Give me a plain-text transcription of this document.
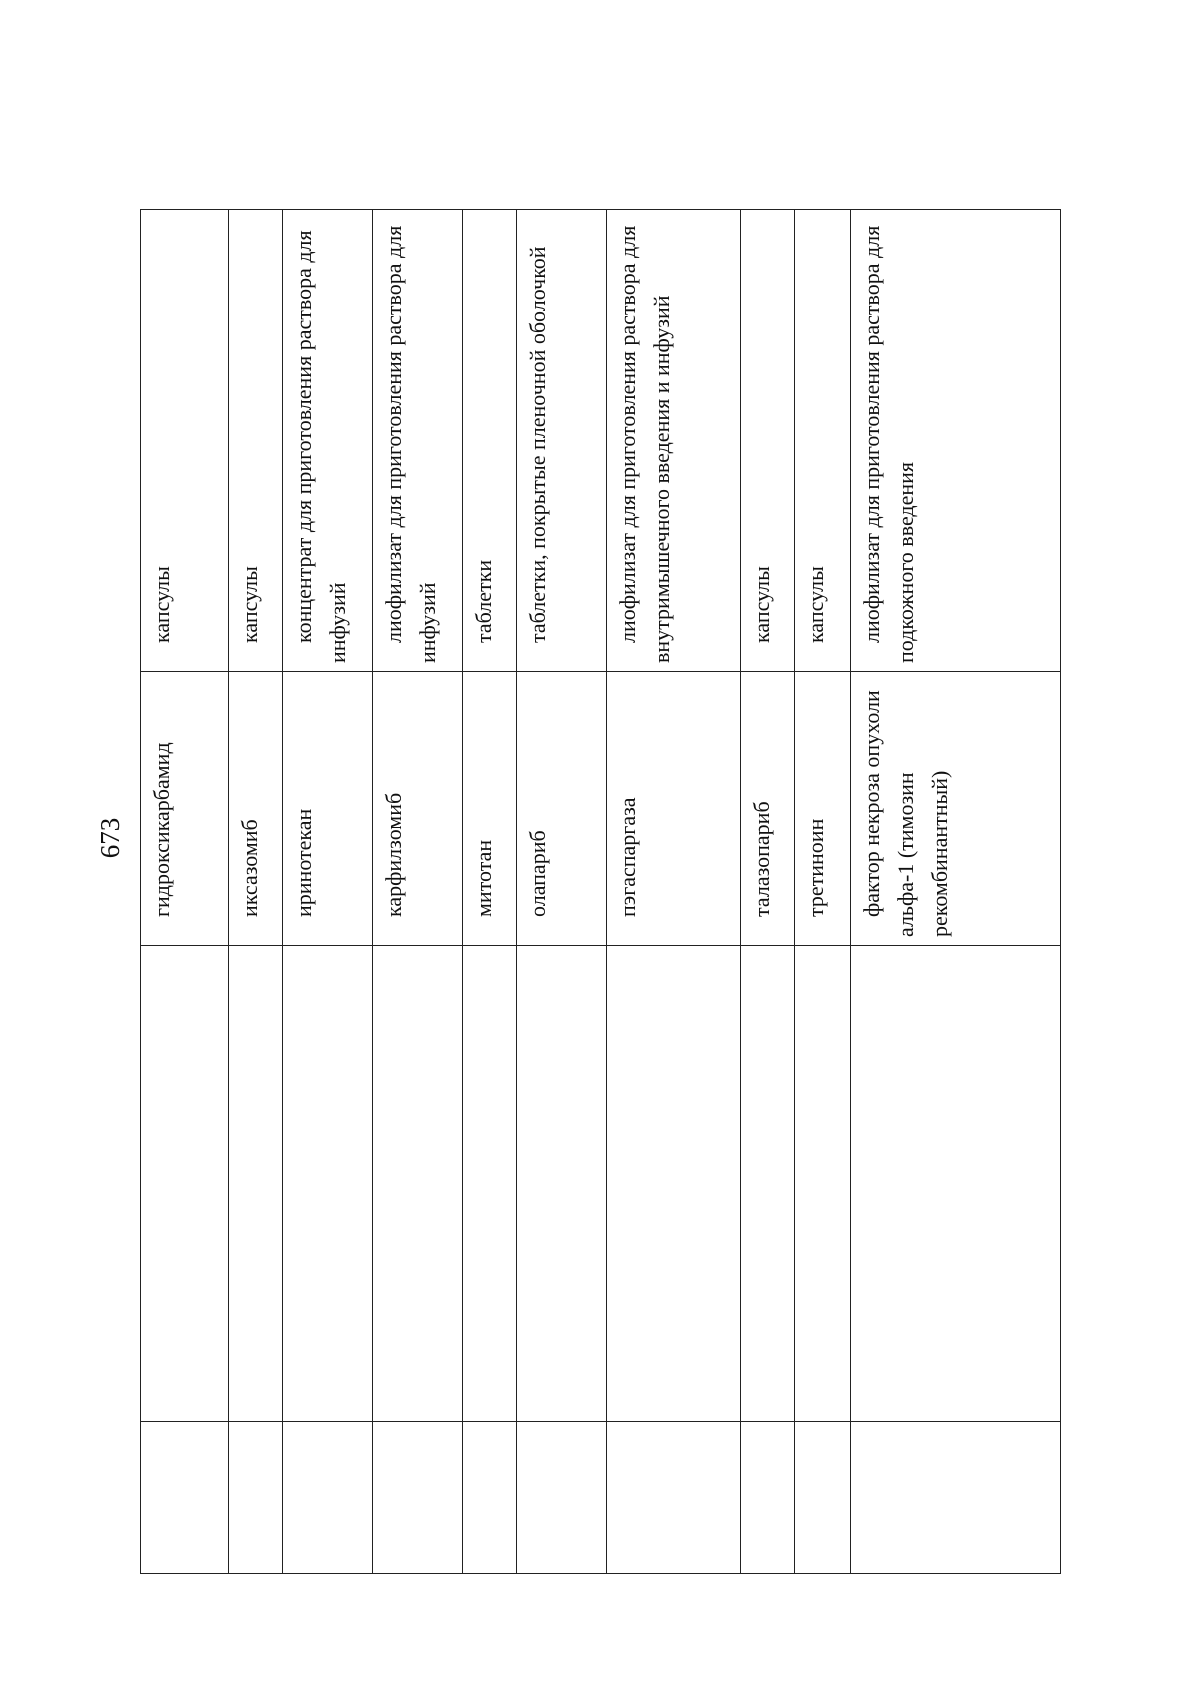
673
		гидроксикарбамид	капсулы
		иксазомиб	капсулы
		иринотекан	концентрат для приготовления раствора для инфузий
		карфилзомиб	лиофилизат для приготовления раствора для инфузий
		митотан	таблетки
		олапариб	таблетки, покрытые пленочной оболочкой
		пэгаспаргаза	лиофилизат для приготовления раствора для внутримышечного введения и инфузий
		талазопариб	капсулы
		третиноин	капсулы
		фактор некроза опухоли альфа-1 (тимозин рекомбинантный)	лиофилизат для приготовления раствора для подкожного введения
